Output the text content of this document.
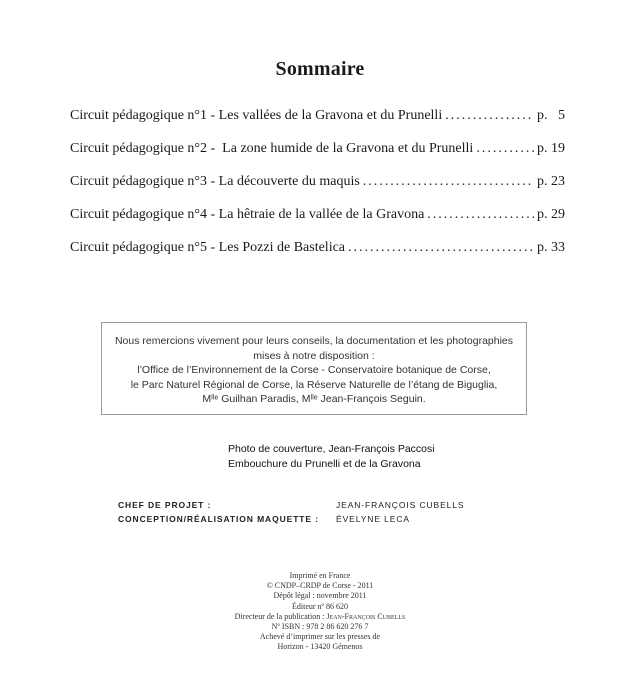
Sommaire
Circuit pédagogique n°1 - Les vallées de la Gravona et du Prunelli .....	p.   5
Circuit pédagogique n°2 -  La zone humide de la Gravona et du Prunelli .....	p. 19
Circuit pédagogique n°3 - La découverte du maquis .....	p. 23
Circuit pédagogique n°4 - La hêtraie de la vallée de la Gravona .....	p. 29
Circuit pédagogique n°5 - Les Pozzi de Bastelica .....	p. 33
Nous remercions vivement pour leurs conseils, la documentation et les photographies
mises à notre disposition :
l’Office de l’Environnement de la Corse - Conservatoire botanique de Corse,
le Parc Naturel Régional de Corse, la Réserve Naturelle de l’étang de Biguglia,
Mˡˡᵉ Guilhan Paradis, Mˡˡᵉ Jean-François Seguin.
Photo de couverture, Jean-François Paccosi
Embouchure du Prunelli et de la Gravona
CHEF DE PROJET :	JEAN-FRANÇOIS CUBELLS
CONCEPTION/RÉALISATION MAQUETTE :	ÉVELYNE LECA
Imprimé en France
© CNDP–CRDP de Corse - 2011
Dépôt légal : novembre 2011
Éditeur nº 86 620
Directeur de la publication : Jean-François Cubells
Nº ISBN : 978 2 86 620 276 7
Achevé d’imprimer sur les presses de
Horizon - 13420 Gémenos
